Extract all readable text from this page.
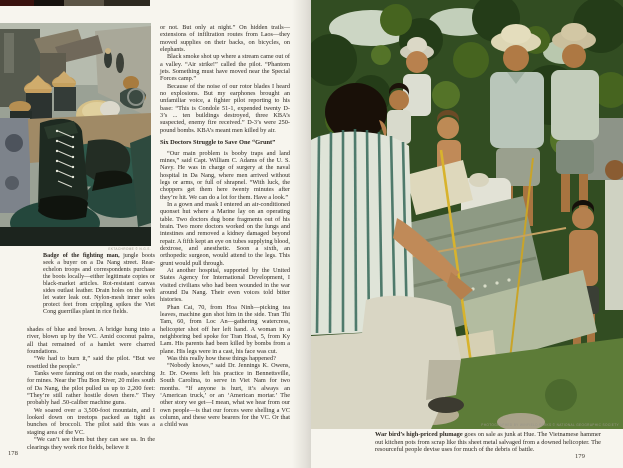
EKTACHROME © N.G.S.
Badge of the fighting man, jungle boots seek a buyer on a Da Nang street. Rear-echelon troops and correspondents purchase the boots locally—either legitimate copies or black-market articles. Rot-resistant canvas sides outlast leather. Drain holes on the welt let water leak out. Nylon-mesh inner soles protect feet from crippling spikes the Viet Cong guerrillas plant in rice fields.

shades of blue and brown. A bridge hung into a river, blown up by the VC. Amid coconut palms, all that remained of a hamlet were charred foundations.

“We had to burn it,” said the pilot. “But we resettled the people.”

Tanks were fanning out on the roads, searching for mines. Near the Thu Bon River, 20 miles south of Da Nang, the pilot pulled us up to 2,200 feet: “They’re still rather hostile down there.” They probably had .50-caliber machine guns.

We soared over a 3,500-foot mountain, and I looked down on treetops packed as tight as bunches of broccoli. The pilot said this was a staging area of the VC.

“We can’t see them but they can see us. In the clearings they work rice fields, believe it

178

or not. But only at night.” On hidden trails—extensions of infiltration routes from Laos—they moved supplies on their backs, on bicycles, on elephants.

Black smoke shot up where a stream came out of a valley. “Air strike!” called the pilot. “Phantom jets. Something must have moved near the Special Forces camp.”

Because of the noise of our rotor blades I heard no explosions. But my earphones brought an unfamiliar voice, a fighter pilot reporting to his base: “This is Condole 51-1, expended twenty D-3’s ... ten buildings destroyed, three KBA’s suspected, enemy fire received.” D-3’s were 250-pound bombs. KBA’s meant men killed by air.

Six Doctors Struggle to Save One “Grunt”

“Our main problem is booby traps and land mines,” said Capt. William C. Adams of the U. S. Navy. He was in charge of surgery at the naval hospital in Da Nang, where men arrived without legs or arms, or full of shrapnel. “With luck, the choppers get them here twenty minutes after they’re hit. We can do a lot for them. Have a look.”

In a gown and mask I entered an air-conditioned quonset hut where a Marine lay on an operating table. Two doctors dug bone fragments out of his brain. Two more doctors worked on the lungs and intestines and removed a kidney damaged beyond repair. A fifth kept an eye on tubes supplying blood, dextrose, and anesthetic. Soon a sixth, an orthopedic surgeon, would attend to the legs. This grunt would pull through.

At another hospital, supported by the United States Agency for International Development, I visited civilians who had been wounded in the war around Da Nang. Their even voices told bitter histories.

Phan Cai, 70, from Hoa Ninh—picking tea leaves, machine gun shot him in the side. Tran Thi Tam, 60, from Loc An—gathering watercress, helicopter shot off her left hand. A woman in a neighboring bed spoke for Tran Hoai, 5, from Ky Lam. His parents had been killed by bombs from a plane. His legs were in a cast, his face was cut.

Was this really how these things happened?

“Nobody knows,” said Dr. Jennings K. Owens, Jr. Dr. Owens left his practice in Bennettsville, South Carolina, to serve in Viet Nam for two months. “If anyone is hurt, it’s always an ‘American truck,’ or an ‘American mortar.’ The other story we get—I mean, what we hear from our own people—is that our forces were shelling a VC column, and these were bearers for the VC. Or that a child was	PHOTOGRAPHED BY WINFIELD PARKS © NATIONAL GEOGRAPHIC SOCIETY
War bird’s high-priced plumage goes on sale as junk at Hue. The Vietnamese hammer out kitchen pots from scrap like this sheet metal salvaged from a downed helicopter. The resourceful people devise uses for much of the debris of battle.
179
